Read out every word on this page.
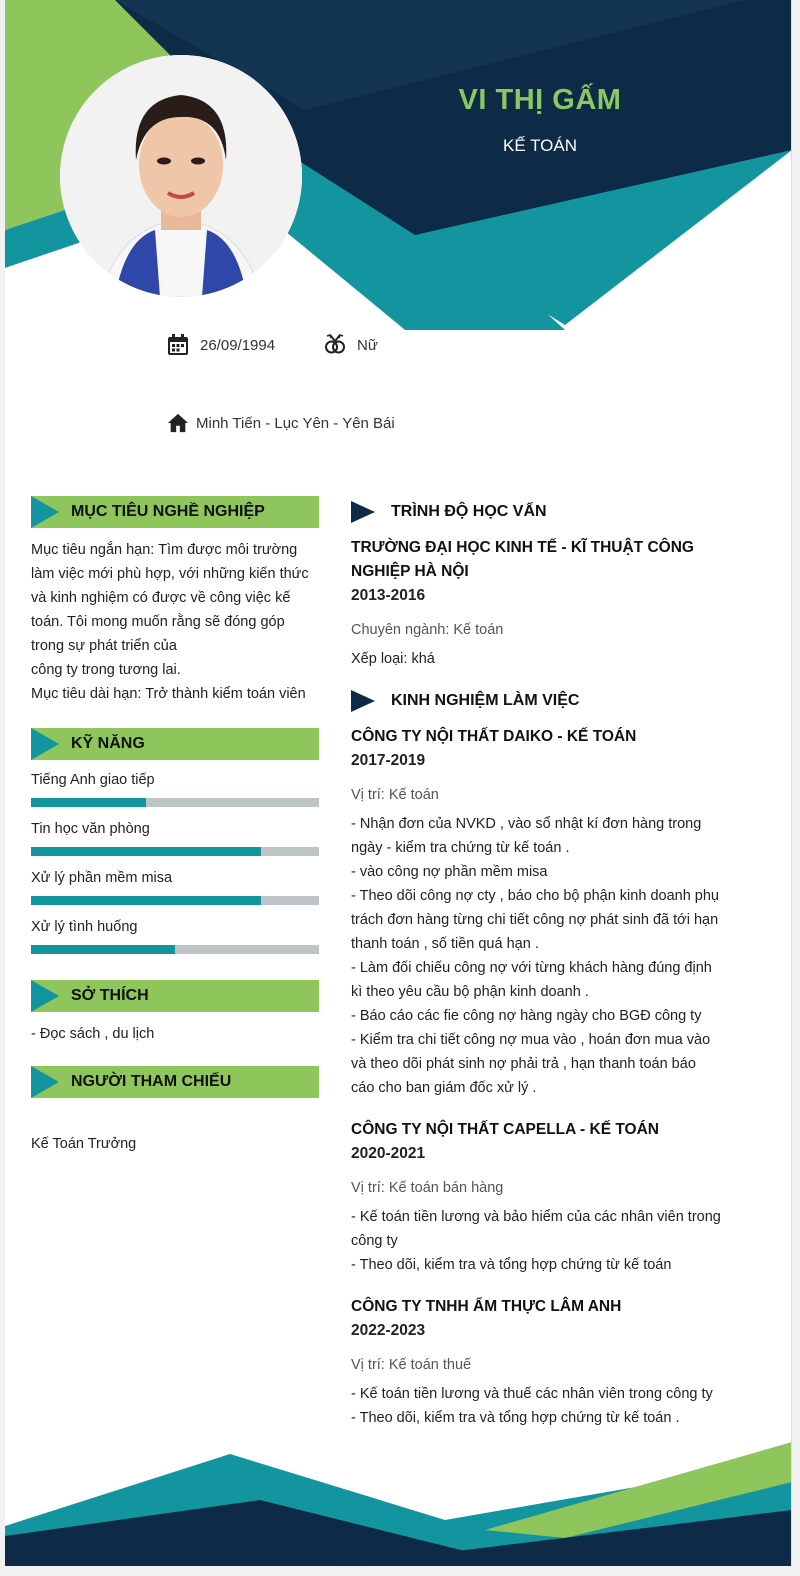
VI THỊ GẤM
KẾ TOÁN
26/09/1994	Nữ
Minh Tiến - Lục Yên - Yên Bái
MỤC TIÊU NGHỀ NGHIỆP
Mục tiêu ngắn hạn: Tìm được môi trường
làm việc mới phù hợp, với những kiến thức
và kinh nghiệm có được về công việc kế
toán. Tôi mong muốn rằng sẽ đóng góp
trong sự phát triển của
công ty trong tương lai.
Mục tiêu dài hạn: Trở thành kiểm toán viên
KỸ NĂNG
Tiếng Anh giao tiếp
Tin học văn phòng
Xử lý phần mềm misa
Xử lý tình huống
SỞ THÍCH
- Đọc sách , du lịch
NGƯỜI THAM CHIẾU
Kế Toán Trưởng
TRÌNH ĐỘ HỌC VẤN
TRƯỜNG ĐẠI HỌC KINH TẾ - KĨ THUẬT CÔNG
NGHIỆP HÀ NỘI
2013-2016
Chuyên ngành: Kế toán
Xếp loại: khá
KINH NGHIỆM LÀM VIỆC
CÔNG TY NỘI THẤT DAIKO - KẾ TOÁN
2017-2019
Vị trí: Kế toán
- Nhận đơn của NVKD , vào sổ nhật kí đơn hàng trong
ngày - kiểm tra chứng từ kế toán .
- vào công nợ phần mềm misa
- Theo dõi công nợ cty , báo cho bộ phận kinh doanh phụ
trách đơn hàng từng chi tiết công nợ phát sinh đã tới hạn
thanh toán , số tiền quá hạn .
- Làm đối chiếu công nợ với từng khách hàng đúng định
kì theo yêu cầu bộ phận kinh doanh .
- Báo cáo các fie công nợ hàng ngày cho BGĐ công ty
- Kiểm tra chi tiết công nợ mua vào , hoán đơn mua vào
và theo dõi phát sinh nợ phải trả , hạn thanh toán báo
cáo cho ban giám đốc xử lý .
CÔNG TY NỘI THẤT CAPELLA - KẾ TOÁN
2020-2021
Vị trí: Kế toán bán hàng
- Kế toán tiền lương và bảo hiểm của các nhân viên trong
công ty
- Theo dõi, kiểm tra và tổng hợp chứng từ kế toán
CÔNG TY TNHH ẨM THỰC LÂM ANH
2022-2023
Vị trí: Kế toán thuế
- Kế toán tiền lương và thuế các nhân viên trong công ty
- Theo dõi, kiểm tra và tổng hợp chứng từ kế toán .
